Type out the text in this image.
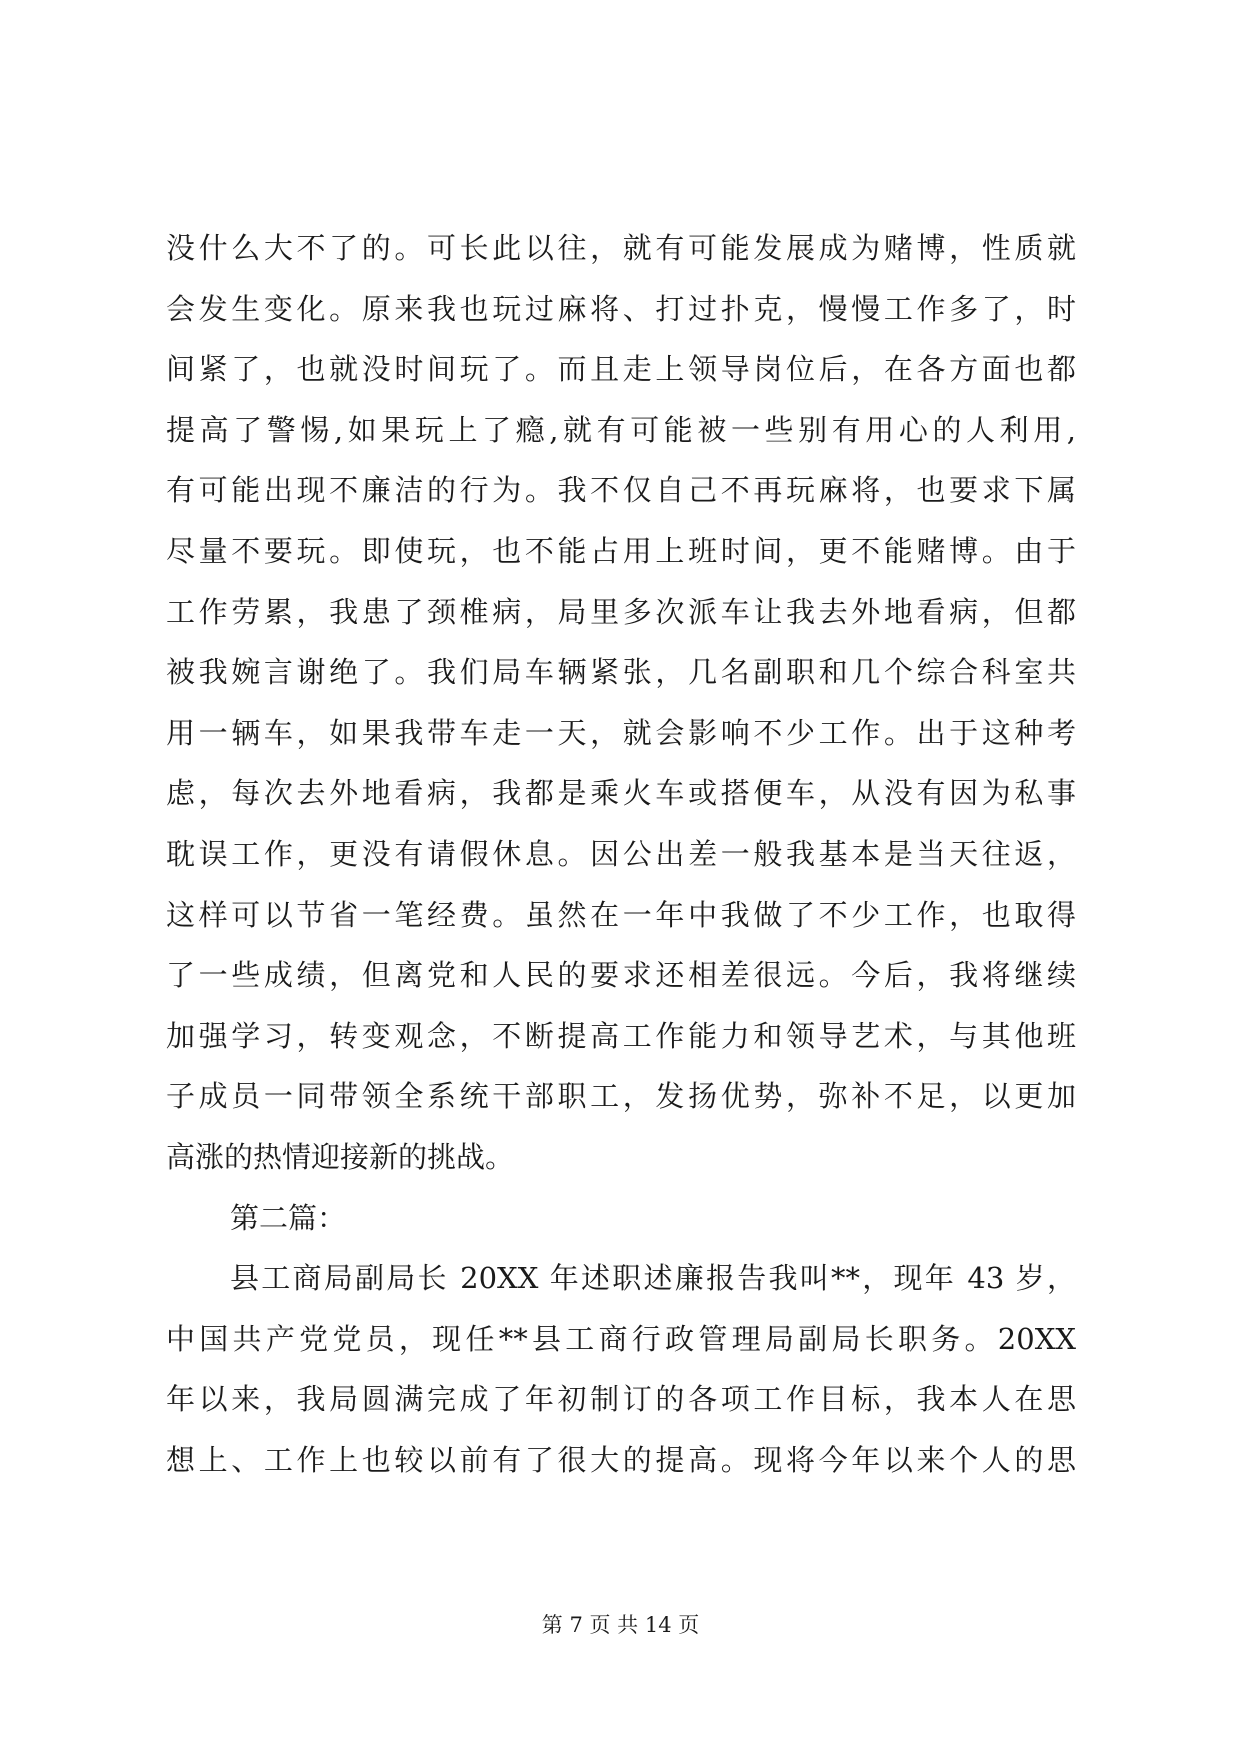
没什么大不了的。可长此以往，就有可能发展成为赌博，性质就
会发生变化。原来我也玩过麻将、打过扑克，慢慢工作多了，时
间紧了，也就没时间玩了。而且走上领导岗位后，在各方面也都
提高了警惕,如果玩上了瘾,就有可能被一些别有用心的人利用,
有可能出现不廉洁的行为。我不仅自己不再玩麻将，也要求下属
尽量不要玩。即使玩，也不能占用上班时间，更不能赌博。由于
工作劳累，我患了颈椎病，局里多次派车让我去外地看病，但都
被我婉言谢绝了。我们局车辆紧张，几名副职和几个综合科室共
用一辆车，如果我带车走一天，就会影响不少工作。出于这种考
虑，每次去外地看病，我都是乘火车或搭便车，从没有因为私事
耽误工作，更没有请假休息。因公出差一般我基本是当天往返，
这样可以节省一笔经费。虽然在一年中我做了不少工作，也取得
了一些成绩，但离党和人民的要求还相差很远。今后，我将继续
加强学习，转变观念，不断提高工作能力和领导艺术，与其他班
子成员一同带领全系统干部职工，发扬优势，弥补不足，以更加
高涨的热情迎接新的挑战。
第二篇：
县工商局副局长 20XX 年述职述廉报告我叫**，现年 43 岁，
中国共产党党员，现任**县工商行政管理局副局长职务。20XX
年以来，我局圆满完成了年初制订的各项工作目标，我本人在思
想上、工作上也较以前有了很大的提高。现将今年以来个人的思
第 7 页 共 14 页
